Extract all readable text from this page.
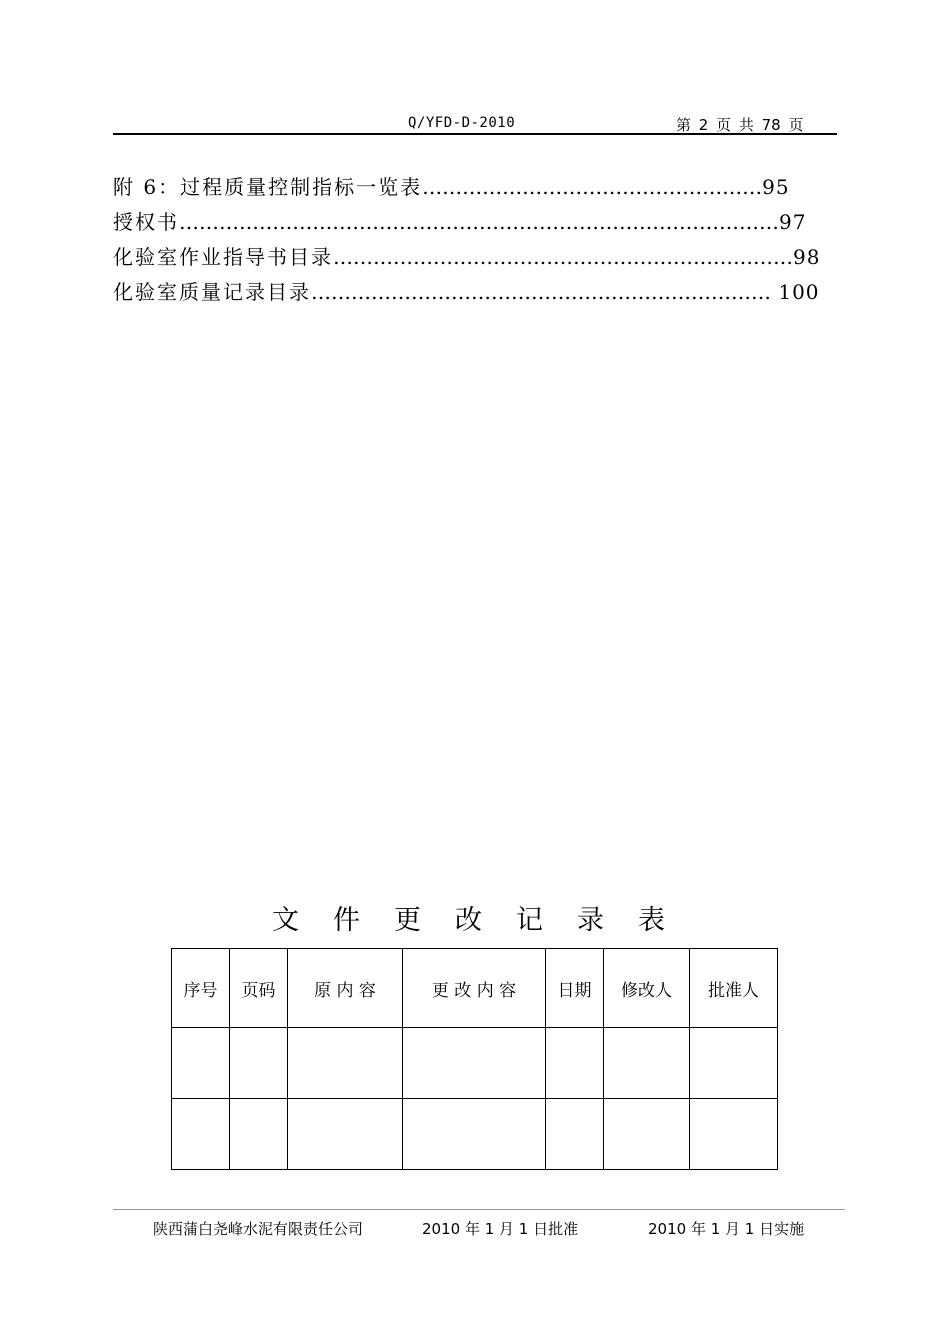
Q/YFD-D-2010	第 2 页 共 78 页
附 6：过程质量控制指标一览表……………………………………………95
授权书………………………………………………………………………………97
化验室作业指导书目录……………………………………………………………98
化验室质量记录目录…………………………………………………………… 100
文件更改记录表
序号	页码	原 内 容	更 改 内 容	日期	修改人	批准人

陕西蒲白尧峰水泥有限责任公司	2010 年 1 月 1 日批准	2010 年 1 月 1 日实施
